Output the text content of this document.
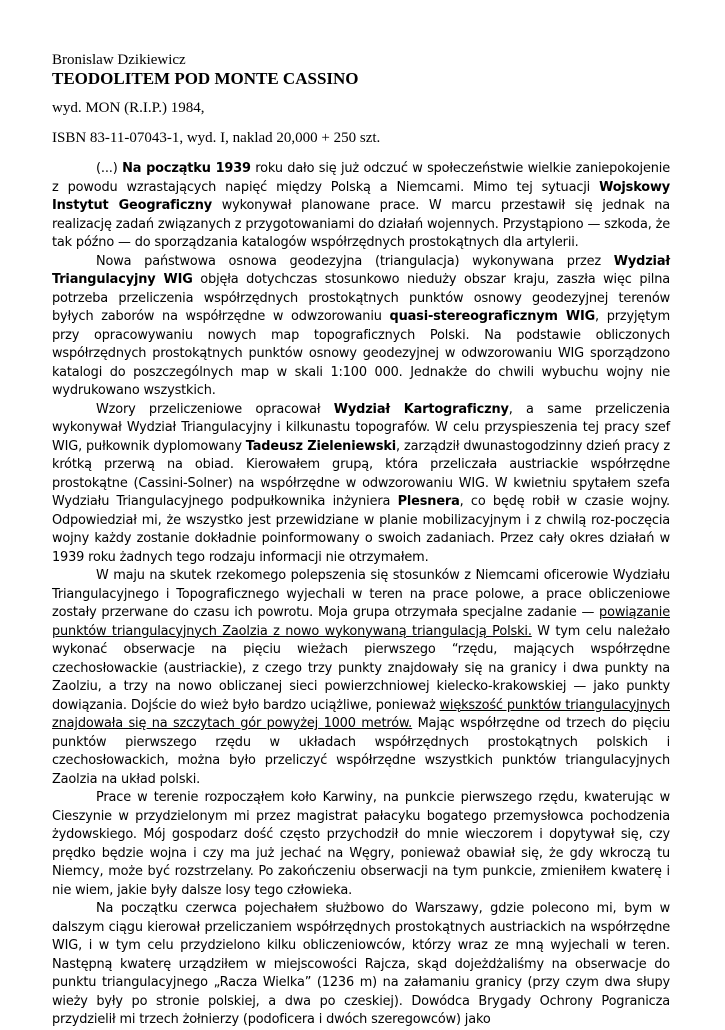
Bronislaw Dzikiewicz

TEODOLITEM POD MONTE CASSINO

wyd. MON (R.I.P.) 1984,

ISBN 83-11-07043-1, wyd. I, naklad 20,000 + 250 szt.

(...) Na początku 1939 roku dało się już odczuć w społeczeństwie wielkie zaniepokojenie z powodu wzrastających napięć między Polską a Niemcami. Mimo tej sytuacji Wojskowy Instytut Geograficzny wykonywał planowane prace. W marcu przestawił się jednak na realizację zadań związanych z przygotowaniami do działań wojennych. Przystąpiono — szkoda, że tak późno — do sporządzania katalogów współrzędnych prostokątnych dla artylerii.

Nowa państwowa osnowa geodezyjna (triangulacja) wykonywana przez Wydział Triangulacyjny WIG objęła dotychczas stosunkowo nieduży obszar kraju, zaszła więc pilna potrzeba przeliczenia współrzędnych prostokątnych punktów osnowy geodezyjnej terenów byłych zaborów na współrzędne w odwzorowaniu quasi-stereograficznym WIG, przyjętym przy opracowywaniu nowych map topograficznych Polski. Na podstawie obliczonych współrzędnych prostokątnych punktów osnowy geodezyjnej w odwzorowaniu WIG sporządzono katalogi do poszczególnych map w skali 1:100 000. Jednakże do chwili wybuchu wojny nie wydrukowano wszystkich.

Wzory przeliczeniowe opracował Wydział Kartograficzny, a same przeliczenia wykonywał Wydział Triangulacyjny i kilkunastu topografów. W celu przyspieszenia tej pracy szef WIG, pułkownik dyplomowany Tadeusz Zieleniewski, zarządził dwunastogodzinny dzień pracy z krótką przerwą na obiad. Kierowałem grupą, która przeliczała austriackie współrzędne prostokątne (Cassini-Solner) na współrzędne w odwzorowaniu WIG. W kwietniu spytałem szefa Wydziału Triangulacyjnego podpułkownika inżyniera Plesnera, co będę robił w czasie wojny. Odpowiedział mi, że wszystko jest przewidziane w planie mobilizacyjnym i z chwilą roz-poczęcia wojny każdy zostanie dokładnie poinformowany o swoich zadaniach. Przez cały okres działań w 1939 roku żadnych tego rodzaju informacji nie otrzymałem.

W maju na skutek rzekomego polepszenia się stosunków z Niemcami oficerowie Wydziału Triangulacyjnego i Topograficznego wyjechali w teren na prace polowe, a prace obliczeniowe zostały przerwane do czasu ich powrotu. Moja grupa otrzymała specjalne zadanie — powiązanie punktów triangulacyjnych Zaolzia z nowo wykonywaną triangulacją Polski. W tym celu należało wykonać obserwacje na pięciu wieżach pierwszego “rzędu, mających współrzędne czechosłowackie (austriackie), z czego trzy punkty znajdowały się na granicy i dwa punkty na Zaolziu, a trzy na nowo obliczanej sieci powierzchniowej kielecko-krakowskiej — jako punkty dowiązania. Dojście do wież było bardzo uciążliwe, ponieważ większość punktów triangulacyjnych znajdowała się na szczytach gór powyżej 1000 metrów. Mając współrzędne od trzech do pięciu punktów pierwszego rzędu w układach współrzędnych prostokątnych polskich i czechosłowackich, można było przeliczyć współrzędne wszystkich punktów triangulacyjnych Zaolzia na układ polski.

Prace w terenie rozpocząłem koło Karwiny, na punkcie pierwszego rzędu, kwaterując w Cieszynie w przydzielonym mi przez magistrat pałacyku bogatego przemysłowca pochodzenia żydowskiego. Mój gospodarz dość często przychodził do mnie wieczorem i dopytywał się, czy prędko będzie wojna i czy ma już jechać na Węgry, ponieważ obawiał się, że gdy wkroczą tu Niemcy, może być rozstrzelany. Po zakończeniu obserwacji na tym punkcie, zmieniłem kwaterę i nie wiem, jakie były dalsze losy tego człowieka.

Na początku czerwca pojechałem służbowo do Warszawy, gdzie polecono mi, bym w dalszym ciągu kierował przeliczaniem współrzędnych prostokątnych austriackich na współrzędne WIG, i w tym celu przydzielono kilku obliczeniowców, którzy wraz ze mną wyjechali w teren. Następną kwaterę urządziłem w miejscowości Rajcza, skąd dojeżdżaliśmy na obserwacje do punktu triangulacyjnego „Racza Wielka” (1236 m) na załamaniu granicy (przy czym dwa słupy wieży były po stronie polskiej, a dwa po czeskiej). Dowódca Brygady Ochrony Pogranicza przydzielił mi trzech żołnierzy (podoficera i dwóch szeregowców) jako
